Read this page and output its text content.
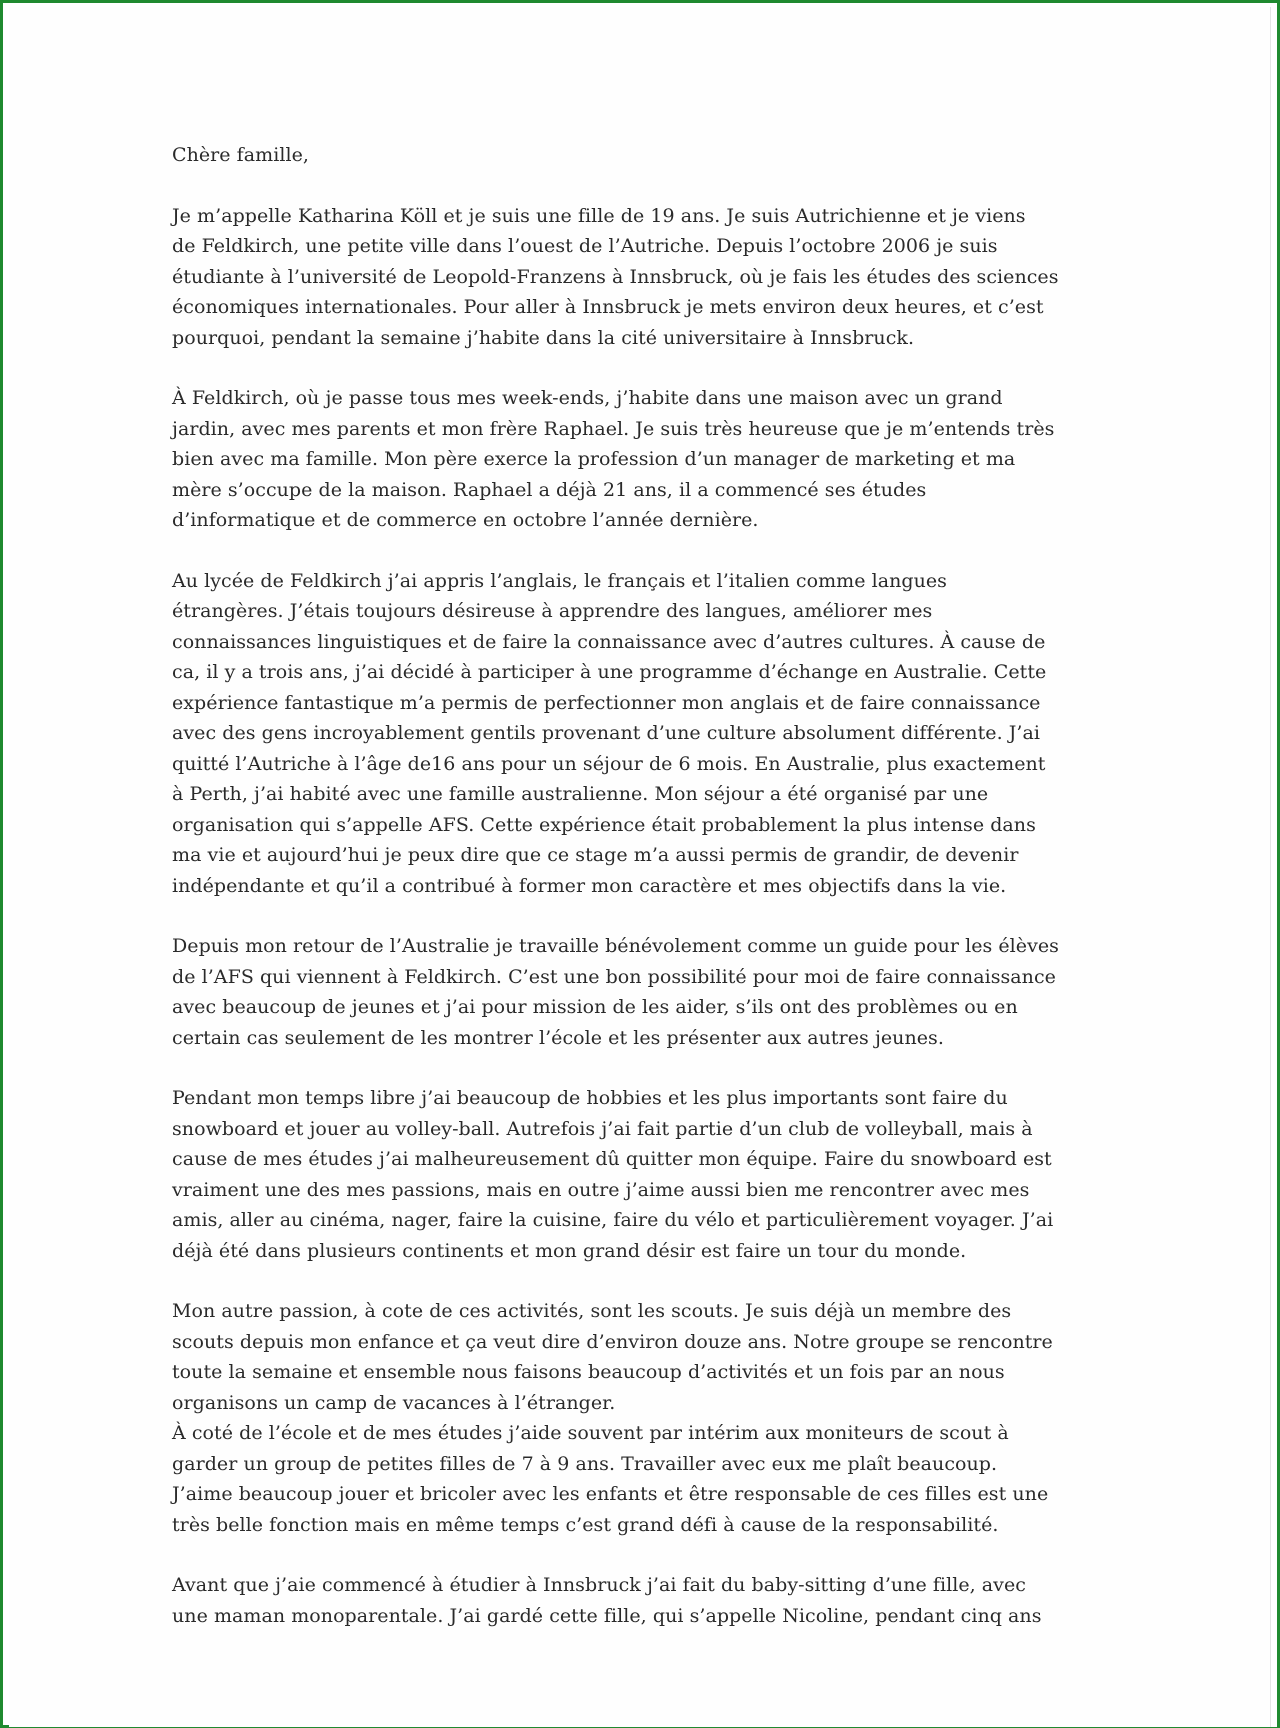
Chère famille,
Je m’appelle Katharina Köll et je suis une fille de 19 ans. Je suis Autrichienne et je viens
de Feldkirch, une petite ville dans l’ouest de l’Autriche. Depuis l’octobre 2006 je suis
étudiante à l’université de Leopold-Franzens à Innsbruck, où je fais les études des sciences
économiques internationales. Pour aller à Innsbruck je mets environ deux heures, et c’est
pourquoi, pendant la semaine j’habite dans la cité universitaire à Innsbruck.
À Feldkirch, où je passe tous mes week-ends, j’habite dans une maison avec un grand
jardin, avec mes parents et mon frère Raphael. Je suis très heureuse que je m’entends très
bien avec ma famille. Mon père exerce la profession d’un manager de marketing et ma
mère s’occupe de la maison. Raphael a déjà 21 ans, il a commencé ses études
d’informatique et de commerce en octobre l’année dernière.
Au lycée de Feldkirch j’ai appris l’anglais, le français et l’italien comme langues
étrangères. J’étais toujours désireuse à apprendre des langues, améliorer mes
connaissances linguistiques et de faire la connaissance avec d’autres cultures. À cause de
ca, il y a trois ans, j’ai décidé à participer à une programme d’échange en Australie. Cette
expérience fantastique m’a permis de perfectionner mon anglais et de faire connaissance
avec des gens incroyablement gentils provenant d’une culture absolument différente. J’ai
quitté l’Autriche à l’âge de16 ans pour un séjour de 6 mois. En Australie, plus exactement
à Perth, j’ai habité avec une famille australienne. Mon séjour a été organisé par une
organisation qui s’appelle AFS. Cette expérience était probablement la plus intense dans
ma vie et aujourd’hui je peux dire que ce stage m’a aussi permis de grandir, de devenir
indépendante et qu’il a contribué à former mon caractère et mes objectifs dans la vie.
Depuis mon retour de l’Australie je travaille bénévolement comme un guide pour les élèves
de l’AFS qui viennent à Feldkirch. C’est une bon possibilité pour moi de faire connaissance
avec beaucoup de jeunes et j’ai pour mission de les aider, s’ils ont des problèmes ou en
certain cas seulement de les montrer l’école et les présenter aux autres jeunes.
Pendant mon temps libre j’ai beaucoup de hobbies et les plus importants sont faire du
snowboard et jouer au volley-ball. Autrefois j’ai fait partie d’un club de volleyball, mais à
cause de mes études j’ai malheureusement dû quitter mon équipe. Faire du snowboard est
vraiment une des mes passions, mais en outre j’aime aussi bien me rencontrer avec mes
amis, aller au cinéma, nager, faire la cuisine, faire du vélo et particulièrement voyager. J’ai
déjà été dans plusieurs continents et mon grand désir est faire un tour du monde.
Mon autre passion, à cote de ces activités, sont les scouts. Je suis déjà un membre des
scouts depuis mon enfance et ça veut dire d’environ douze ans. Notre groupe se rencontre
toute la semaine et ensemble nous faisons beaucoup d’activités et un fois par an nous
organisons un camp de vacances à l’étranger.
À coté de l’école et de mes études j’aide souvent par intérim aux moniteurs de scout à
garder un group de petites filles de 7 à 9 ans. Travailler avec eux me plaît beaucoup.
J’aime beaucoup jouer et bricoler avec les enfants et être responsable de ces filles est une
très belle fonction mais en même temps c’est grand défi à cause de la responsabilité.
Avant que j’aie commencé à étudier à Innsbruck j’ai fait du baby-sitting d’une fille, avec
une maman monoparentale. J’ai gardé cette fille, qui s’appelle Nicoline, pendant cinq ans
